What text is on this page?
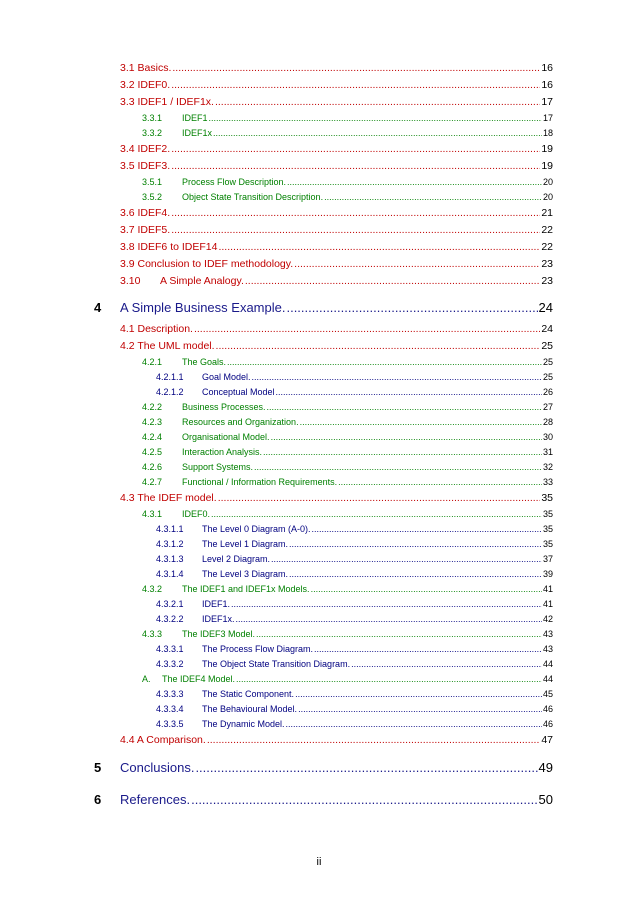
3.1 Basics. .....	16
3.2 IDEF0. .....	16
3.3 IDEF1 / IDEF1x. .....	17
3.3.1	IDEF1 .....	17
3.3.2	IDEF1x .....	18
3.4 IDEF2. .....	19
3.5 IDEF3. .....	19
3.5.1	Process Flow Description. .....	20
3.5.2	Object State Transition Description. .....	20
3.6 IDEF4. .....	21
3.7 IDEF5. .....	22
3.8 IDEF6 to IDEF14 .....	22
3.9 Conclusion to IDEF methodology. .....	23
3.10	A Simple Analogy. .....	23
4	A Simple Business Example. .....	24
4.1 Description. .....	24
4.2 The UML model. .....	25
4.2.1	The Goals. .....	25
4.2.1.1	Goal Model. .....	25
4.2.1.2	Conceptual Model .....	26
4.2.2	Business Processes. .....	27
4.2.3	Resources and Organization. .....	28
4.2.4	Organisational Model. .....	30
4.2.5	Interaction Analysis. .....	31
4.2.6	Support Systems. .....	32
4.2.7	Functional / Information Requirements. .....	33
4.3 The IDEF model. .....	35
4.3.1	IDEF0. .....	35
4.3.1.1	The Level 0 Diagram (A-0). .....	35
4.3.1.2	The Level 1 Diagram. .....	35
4.3.1.3	Level 2 Diagram. .....	37
4.3.1.4	The Level 3 Diagram. .....	39
4.3.2	The IDEF1 and IDEF1x Models. .....	41
4.3.2.1	IDEF1. .....	41
4.3.2.2	IDEF1x. .....	42
4.3.3	The IDEF3 Model. .....	43
4.3.3.1	The Process Flow Diagram. .....	43
4.3.3.2	The Object State Transition Diagram. .....	44
A.	The IDEF4 Model. .....	44
4.3.3.3	The Static Component. .....	45
4.3.3.4	The Behavioural Model. .....	46
4.3.3.5	The Dynamic Model. .....	46
4.4 A Comparison. .....	47
5	Conclusions. .....	49
6	References. .....	50
ii
